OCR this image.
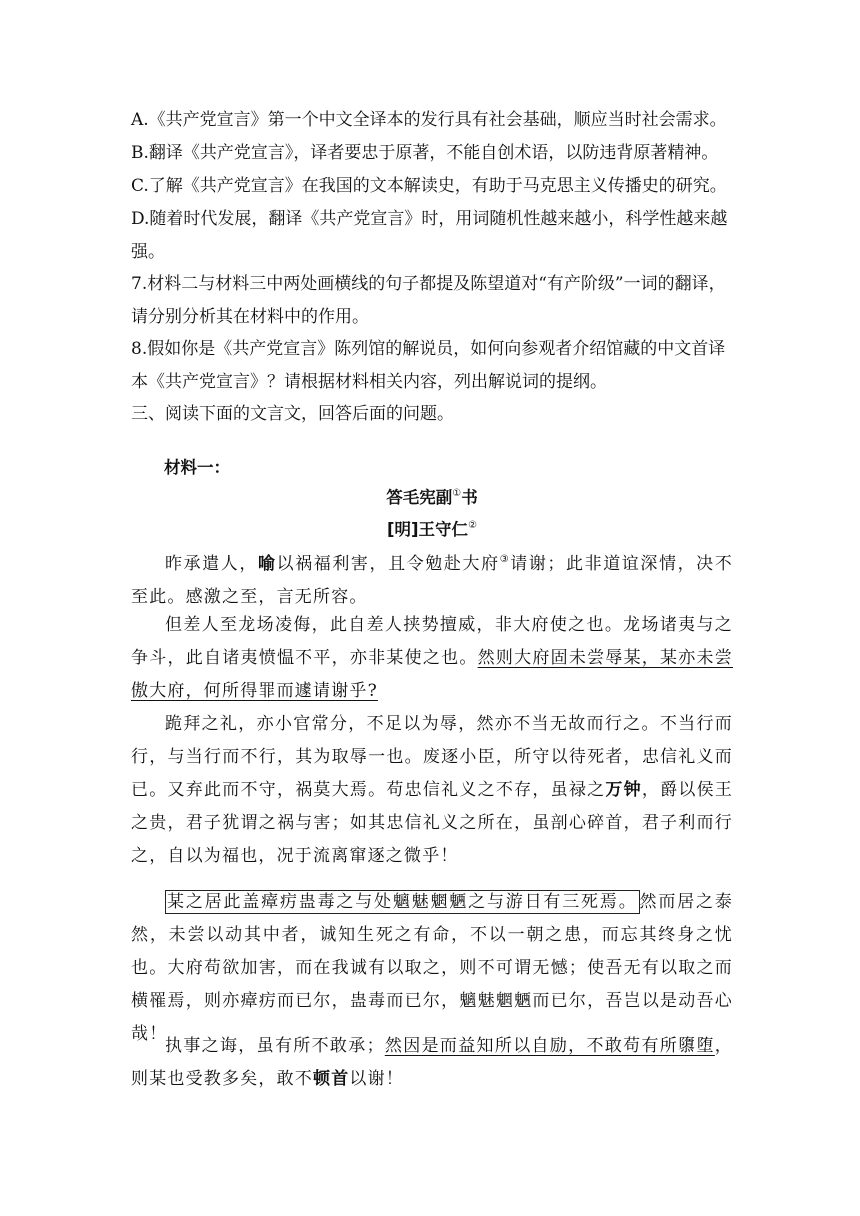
A.《共产党宣言》第一个中文全译本的发行具有社会基础，顺应当时社会需求。
B.翻译《共产党宣言》，译者要忠于原著，不能自创术语，以防违背原著精神。
C.了解《共产党宣言》在我国的文本解读史，有助于马克思主义传播史的研究。
D.随着时代发展，翻译《共产党宣言》时，用词随机性越来越小，科学性越来越强。
7.材料二与材料三中两处画横线的句子都提及陈望道对“有产阶级”一词的翻译，请分别分析其在材料中的作用。
8.假如你是《共产党宣言》陈列馆的解说员，如何向参观者介绍馆藏的中文首译本《共产党宣言》？请根据材料相关内容，列出解说词的提纲。
三、阅读下面的文言文，回答后面的问题。
材料一：
答毛宪副①书
[明]王守仁②
昨承遣人，喻以祸福利害，且令勉赴大府③请谢；此非道谊深情，决不至此。感激之至，言无所容。
但差人至龙场凌侮，此自差人挟势擅威，非大府使之也。龙场诸夷与之争斗，此自诸夷愤愠不平，亦非某使之也。然则大府固未尝辱某，某亦未尝傲大府，何所得罪而遽请谢乎?
跪拜之礼，亦小官常分，不足以为辱，然亦不当无故而行之。不当行而行，与当行而不行，其为取辱一也。废逐小臣，所守以待死者，忠信礼义而已。又弃此而不守，祸莫大焉。苟忠信礼义之不存，虽禄之万钟，爵以侯王之贵，君子犹谓之祸与害；如其忠信礼义之所在，虽剖心碎首，君子利而行之，自以为福也，况于流离窜逐之微乎！
某之居此盖瘴疠蛊毒之与处魑魅魍魉之与游日有三死焉。 然而居之泰然，未尝以动其中者，诚知生死之有命，不以一朝之患，而忘其终身之忧也。大府苟欲加害，而在我诚有以取之，则不可谓无憾；使吾无有以取之而横罹焉，则亦瘴疠而已尔，蛊毒而已尔，魑魅魍魉而已尔，吾岂以是动吾心哉！
执事之诲，虽有所不敢承；然因是而益知所以自励，不敢苟有所隳堕，则某也受教多矣，敢不顿首以谢！
